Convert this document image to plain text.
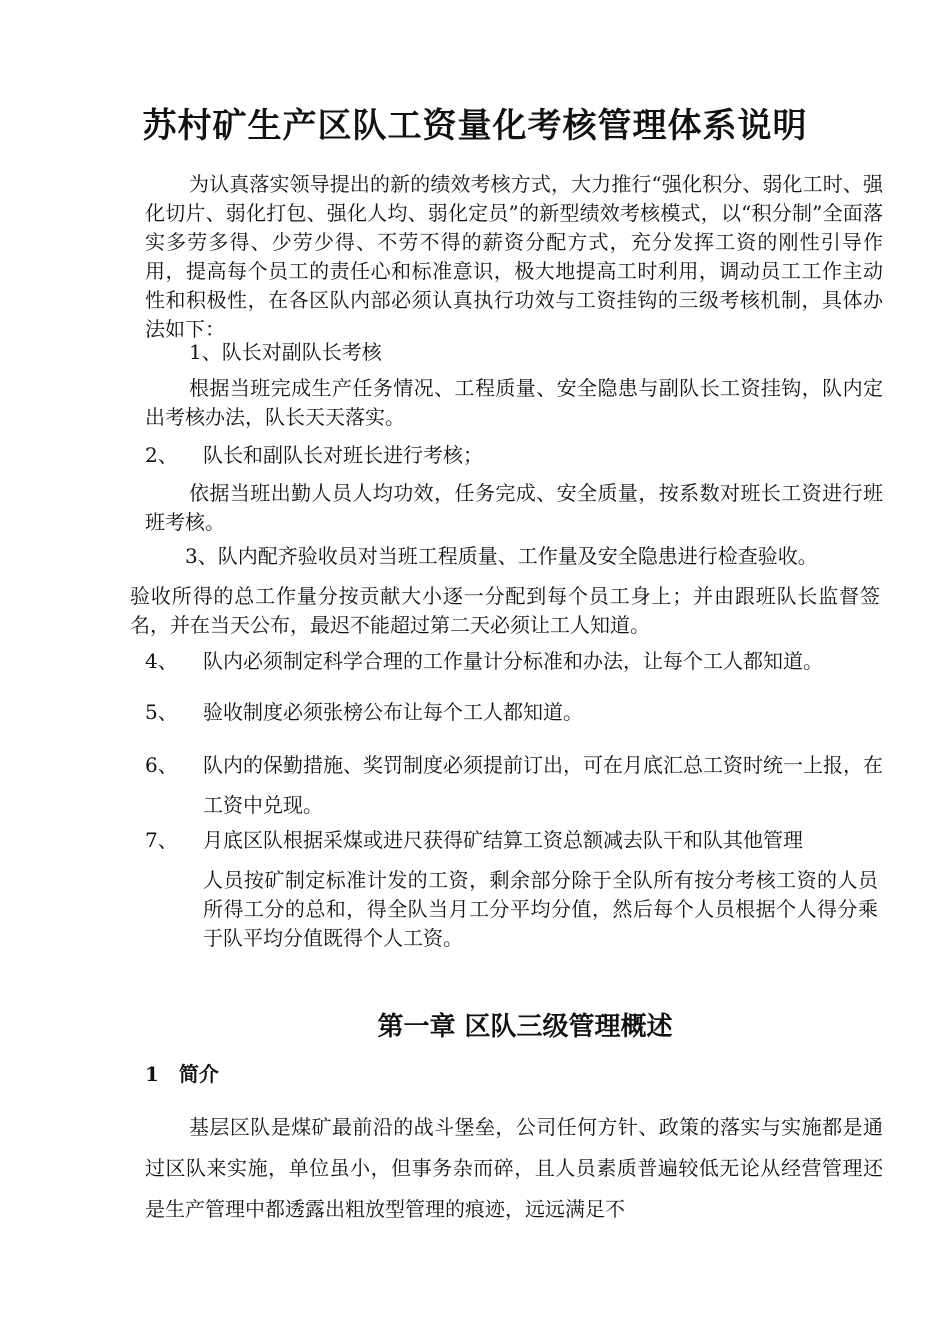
苏村矿生产区队工资量化考核管理体系说明

为认真落实领导提出的新的绩效考核方式，大力推行“强化积分、弱化工时、强化切片、弱化打包、强化人均、弱化定员”的新型绩效考核模式，以“积分制”全面落实多劳多得、少劳少得、不劳不得的薪资分配方式，充分发挥工资的刚性引导作用，提高每个员工的责任心和标准意识，极大地提高工时利用，调动员工工作主动性和积极性，在各区队内部必须认真执行功效与工资挂钩的三级考核机制，具体办法如下：

1、队长对副队长考核

根据当班完成生产任务情况、工程质量、安全隐患与副队长工资挂钩，队内定出考核办法，队长天天落实。

2、 队长和副队长对班长进行考核；

依据当班出勤人员人均功效，任务完成、安全质量，按系数对班长工资进行班班考核。

3、队内配齐验收员对当班工程质量、工作量及安全隐患进行检查验收。

验收所得的总工作量分按贡献大小逐一分配到每个员工身上；并由跟班队长监督签名，并在当天公布，最迟不能超过第二天必须让工人知道。

4、 队内必须制定科学合理的工作量计分标准和办法，让每个工人都知道。
5、 验收制度必须张榜公布让每个工人都知道。
6、 队内的保勤措施、奖罚制度必须提前订出，可在月底汇总工资时统一上报，在工资中兑现。
7、 月底区队根据采煤或进尺获得矿结算工资总额减去队干和队其他管理

人员按矿制定标准计发的工资，剩余部分除于全队所有按分考核工资的人员所得工分的总和，得全队当月工分平均分值，然后每个人员根据个人得分乘于队平均分值既得个人工资。

第一章 区队三级管理概述
1 简介

基层区队是煤矿最前沿的战斗堡垒，公司任何方针、政策的落实与实施都是通过区队来实施，单位虽小，但事务杂而碎，且人员素质普遍较低无论从经营管理还是生产管理中都透露出粗放型管理的痕迹，远远满足不
